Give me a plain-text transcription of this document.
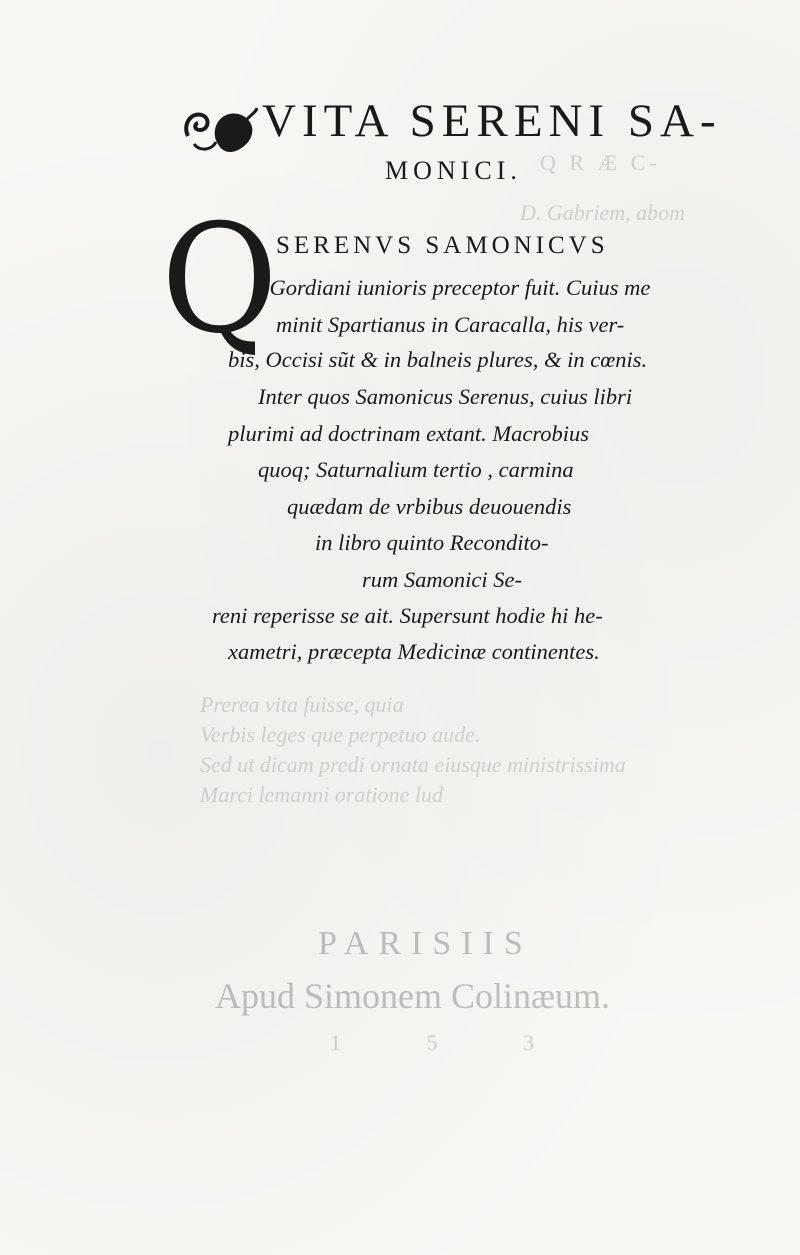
Q R Æ C-
D. Gabriem, abom
Prerea vita fuisse, quia
Verbis leges que perpetuo aude.
Sed ut dicam predi ornata eiusque ministrissima
Marci lemanni oratione lud
PARISIIS
Apud Simonem Colinæum.
1 5 3
VITA SERENI SA-
MONICI.
Q
SERENVS SAMONICVS
• Gordiani iunioris preceptor fuit. Cuius me
minit Spartianus in Caracalla, his ver-
bis, Occisi sũt & in balneis plures, & in cœnis.
Inter quos Samonicus Serenus, cuius libri
plurimi ad doctrinam extant. Macrobius
quoq; Saturnalium tertio , carmina
quædam de vrbibus deuouendis
in libro quinto Recondito-
rum Samonici Se-
reni reperisse se ait. Supersunt hodie hi he-
xametri, præcepta Medicinæ continentes.
